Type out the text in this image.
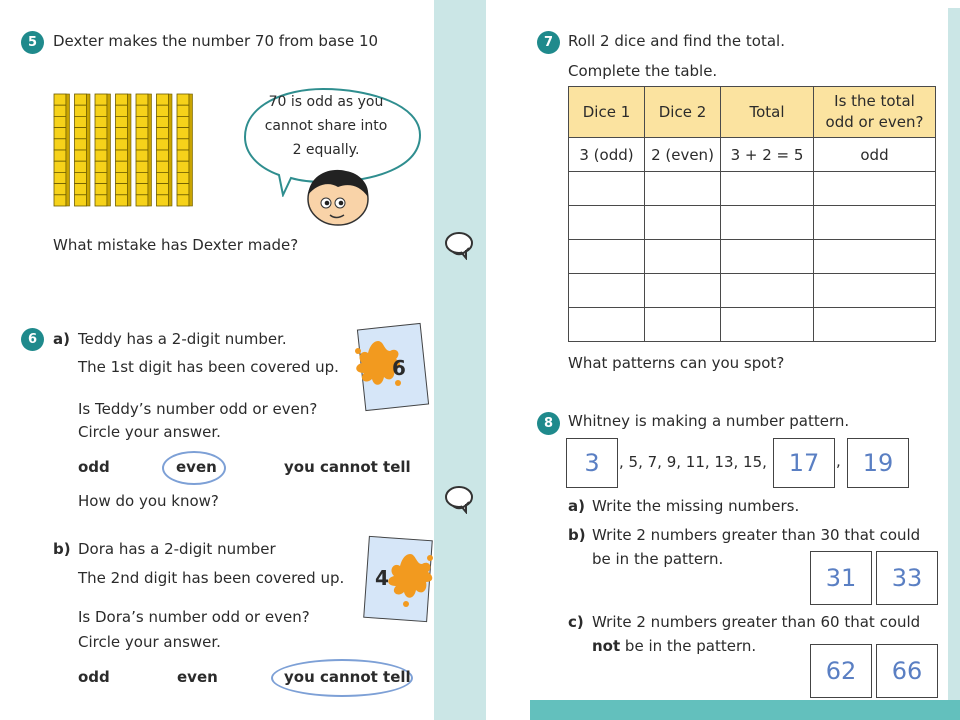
5	Dexter makes the number 70 from base 10
70 is odd as you
cannot share into
2 equally.
What mistake has Dexter made?
6	a) Teddy has a 2-digit number.
The 1st digit has been covered up.	6
Is Teddy’s number odd or even?
Circle your answer.
odd	even	you cannot tell
How do you know?
b) Dora has a 2-digit number
The 2nd digit has been covered up. 4
Is Dora’s number odd or even?
Circle your answer.
odd	even	you cannot tell
7 Roll 2 dice and find the total.
Complete the table.
Dice 1	Dice 2	Total	Is the total
odd or even?

3 (odd)	2 (even)	3 + 2 = 5	odd

What patterns can you spot?
8 Whitney is making a number pattern.
3	, 5, 7, 9, 11, 13, 15, 17	, 19
a) Write the missing numbers.
b) Write 2 numbers greater than 30 that could
be in the pattern.
31	33
c) Write 2 numbers greater than 60 that could
not be in the pattern.
62	66
